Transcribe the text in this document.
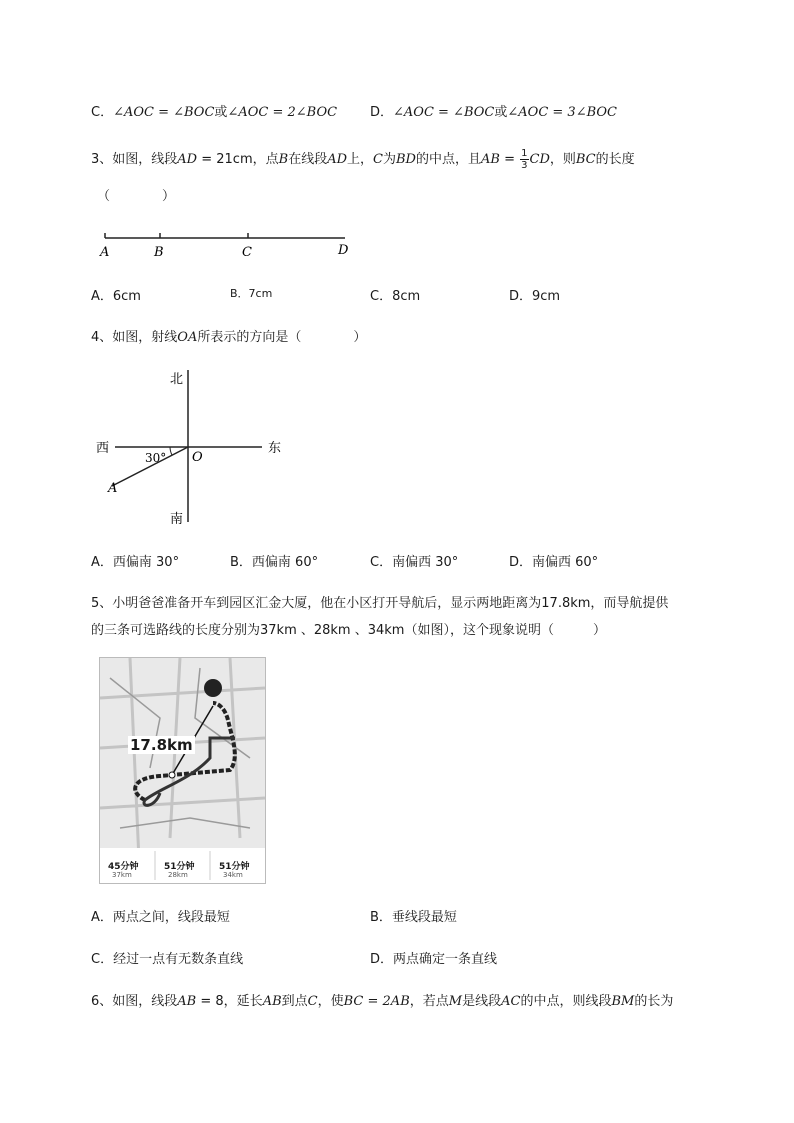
C．∠AOC = ∠BOC或∠AOC = 2∠BOC	D．∠AOC = ∠BOC或∠AOC = 3∠BOC
3、如图，线段AD = 21cm，点B在线段AD上，C为BD的中点，且AB = $\frac{1}{3}$ CD，则BC的长度
（　　　　）
A	B	C	D
A．6cm	B．7cm	C．8cm	D．9cm
4、如图，射线OA所表示的方向是（　　　　）
北
南
西	东
O
A
30°
A．西偏南 30°	B．西偏南 60°	C．南偏西 30°	D．南偏西 60°
5、小明爸爸准备开车到园区汇金大厦，他在小区打开导航后，显示两地距离为17.8km，而导航提供
的三条可选路线的长度分别为37km 、28km 、34km（如图），这个现象说明（　　　）
17.8km
45分钟	51分钟	51分钟
37km	28km	34km
A．两点之间，线段最短	B．垂线段最短
C．经过一点有无数条直线	D．两点确定一条直线
6、如图，线段AB = 8，延长AB到点C，使BC = 2AB，若点M是线段AC的中点，则线段BM的长为
